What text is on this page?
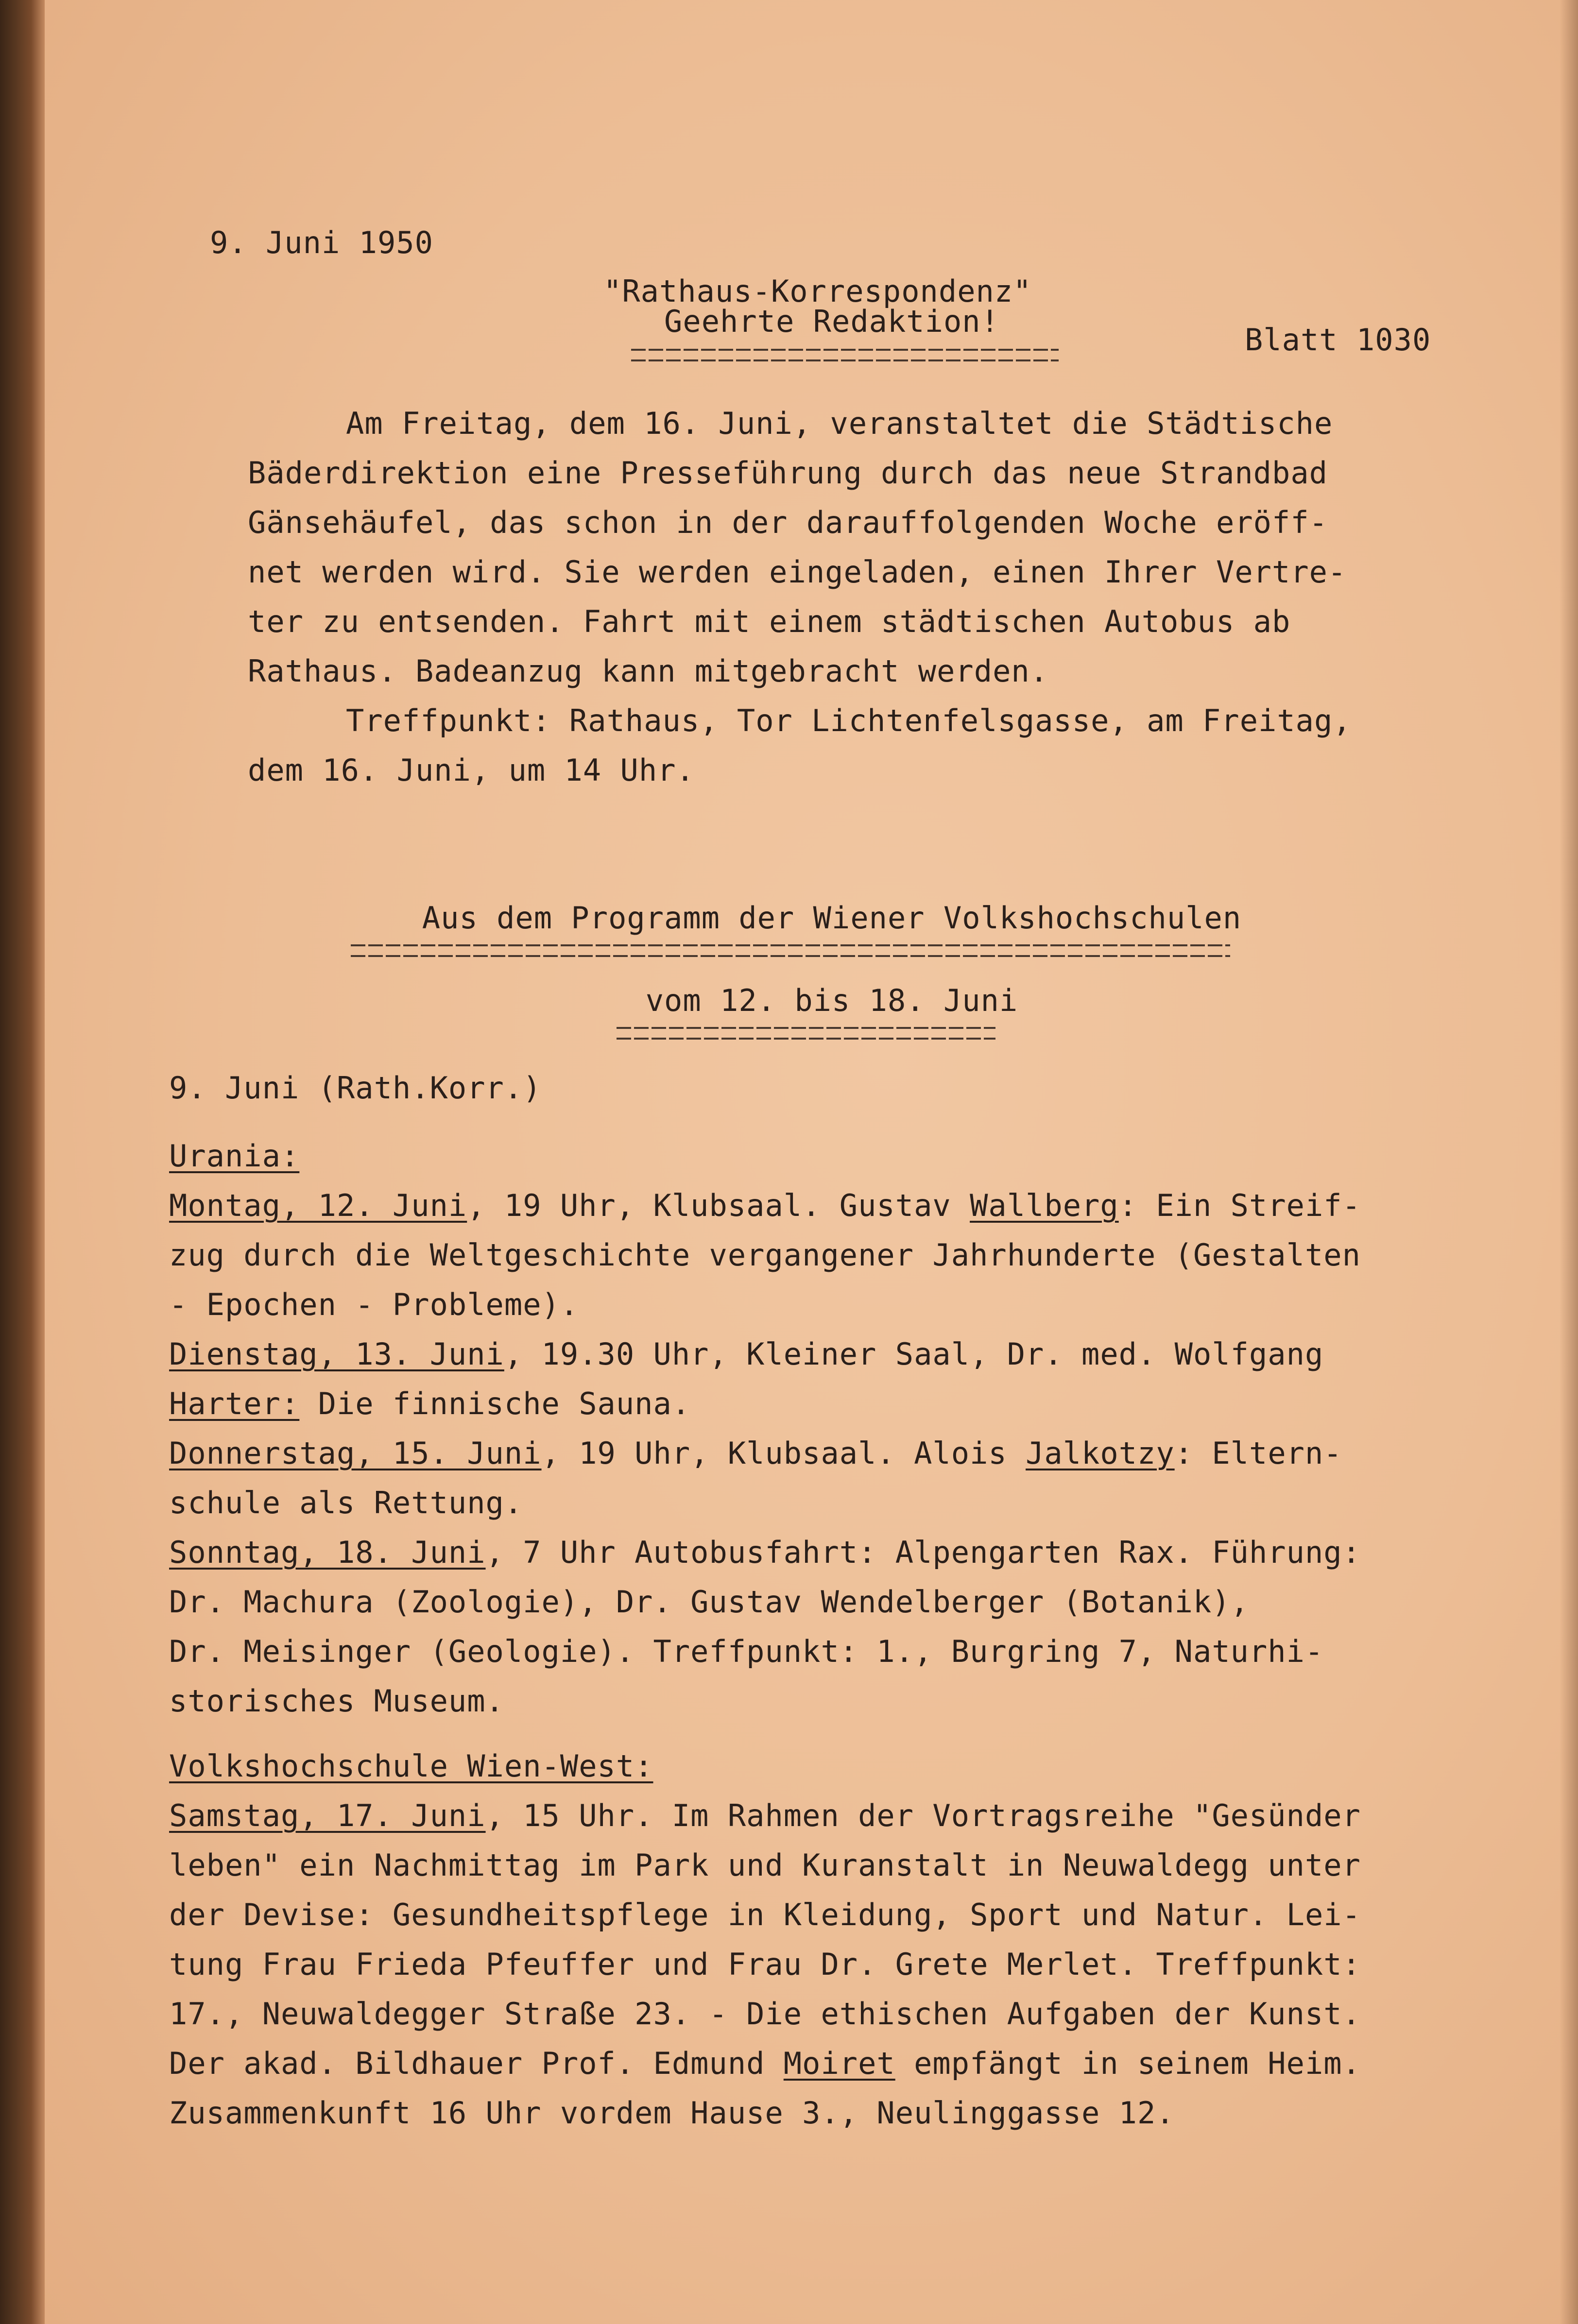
9. Juni 1950

"Rathaus-Korrespondenz"

Blatt 1030

Geehrte Redaktion!
Am Freitag, dem 16. Juni, veranstaltet die Städtische
Bäderdirektion eine Presseführung durch das neue Strandbad
Gänsehäufel, das schon in der darauffolgenden Woche eröff-
net werden wird. Sie werden eingeladen, einen Ihrer Vertre-
ter zu entsenden. Fahrt mit einem städtischen Autobus ab
Rathaus. Badeanzug kann mitgebracht werden.
Treffpunkt: Rathaus, Tor Lichtenfelsgasse, am Freitag,
dem 16. Juni, um 14 Uhr.
Aus dem Programm der Wiener Volkshochschulen
vom 12. bis 18. Juni
9. Juni (Rath.Korr.)
Urania:
Montag, 12. Juni, 19 Uhr, Klubsaal. Gustav Wallberg: Ein Streif-
zug durch die Weltgeschichte vergangener Jahrhunderte (Gestalten
- Epochen - Probleme).
Dienstag, 13. Juni, 19.30 Uhr, Kleiner Saal, Dr. med. Wolfgang
Harter: Die finnische Sauna.
Donnerstag, 15. Juni, 19 Uhr, Klubsaal. Alois Jalkotzy: Eltern-
schule als Rettung.
Sonntag, 18. Juni, 7 Uhr Autobusfahrt: Alpengarten Rax. Führung:
Dr. Machura (Zoologie), Dr. Gustav Wendelberger (Botanik),
Dr. Meisinger (Geologie). Treffpunkt: 1., Burgring 7, Naturhi-
storisches Museum.
Volkshochschule Wien-West:
Samstag, 17. Juni, 15 Uhr. Im Rahmen der Vortragsreihe "Gesünder
leben" ein Nachmittag im Park und Kuranstalt in Neuwaldegg unter
der Devise: Gesundheitspflege in Kleidung, Sport und Natur. Lei-
tung Frau Frieda Pfeuffer und Frau Dr. Grete Merlet. Treffpunkt:
17., Neuwaldegger Straße 23. - Die ethischen Aufgaben der Kunst.
Der akad. Bildhauer Prof. Edmund Moiret empfängt in seinem Heim.
Zusammenkunft 16 Uhr vordem Hause 3., Neulinggasse 12.
